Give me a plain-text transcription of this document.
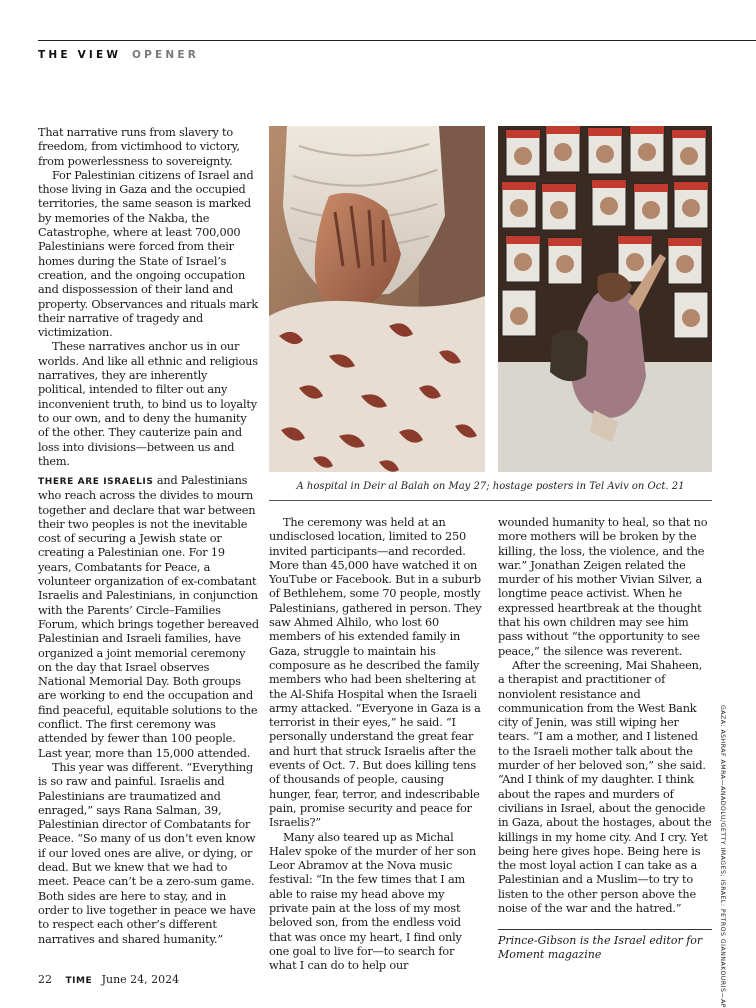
THE VIEW OPENER

That narrative runs from slavery to freedom, from victimhood to victory, from powerlessness to sovereignty.

For Palestinian citizens of Israel and those living in Gaza and the occupied territories, the same season is marked by memories of the Nakba, the Catastrophe, where at least 700,000 Palestinians were forced from their homes during the State of Israel’s creation, and the ongoing occupation and dispossession of their land and property. Observances and rituals mark their narrative of tragedy and victimization.

These narratives anchor us in our worlds. And like all ethnic and religious narratives, they are inherently political, intended to filter out any inconvenient truth, to bind us to loyalty to our own, and to deny the humanity of the other. They cauterize pain and loss into divisions—between us and them.

THERE ARE ISRAELIS and Palestinians who reach across the divides to mourn together and declare that war between their two peoples is not the inevitable cost of securing a Jewish state or creating a Palestinian one. For 19 years, Combatants for Peace, a volunteer organization of ex-combatant Israelis and Palestinians, in conjunction with the Parents’ Circle–Families Forum, which brings together bereaved Palestinian and Israeli families, have organized a joint memorial ceremony on the day that Israel observes National Memorial Day. Both groups are working to end the occupation and find peaceful, equitable solutions to the conflict. The first ceremony was attended by fewer than 100 people. Last year, more than 15,000 attended.

This year was different. “Everything is so raw and painful. Israelis and Palestinians are traumatized and enraged,” says Rana Salman, 39, Palestinian director of Combatants for Peace. “So many of us don’t even know if our loved ones are alive, or dying, or dead. But we knew that we had to meet. Peace can’t be a zero-sum game. Both sides are here to stay, and in order to live together in peace we have to respect each other’s different narratives and shared humanity.”

A hospital in Deir al Balah on May 27; hostage posters in Tel Aviv on Oct. 21

The ceremony was held at an undisclosed location, limited to 250 invited participants—and recorded. More than 45,000 have watched it on YouTube or Facebook. But in a suburb of Bethlehem, some 70 people, mostly Palestinians, gathered in person. They saw Ahmed Alhilo, who lost 60 members of his extended family in Gaza, struggle to maintain his composure as he described the family members who had been sheltering at the Al-Shifa Hospital when the Israeli army attacked. “Everyone in Gaza is a terrorist in their eyes,” he said. “I personally understand the great fear and hurt that struck Israelis after the events of Oct. 7. But does killing tens of thousands of people, causing hunger, fear, terror, and indescribable pain, promise security and peace for Israelis?”

Many also teared up as Michal Halev spoke of the murder of her son Leor Abramov at the Nova music festival: “In the few times that I am able to raise my head above my private pain at the loss of my most beloved son, from the endless void that was once my heart, I find only one goal to live for—to search for what I can do to help our

wounded humanity to heal, so that no more mothers will be broken by the killing, the loss, the violence, and the war.” Jonathan Zeigen related the murder of his mother Vivian Silver, a longtime peace activist. When he expressed heartbreak at the thought that his own children may see him pass without “the opportunity to see peace,” the silence was reverent.

After the screening, Mai Shaheen, a therapist and practitioner of nonviolent resistance and communication from the West Bank city of Jenin, was still wiping her tears. “I am a mother, and I listened to the Israeli mother talk about the murder of her beloved son,” she said. “And I think of my daughter. I think about the rapes and murders of civilians in Israel, about the genocide in Gaza, about the hostages, about the killings in my home city. And I cry. Yet being here gives hope. Being here is the most loyal action I can take as a Palestinian and a Muslim—to try to listen to the other person above the noise of the war and the hatred.”

Prince-Gibson is the Israel editor for Moment magazine	GAZA: ASHRAF AMRA—ANADOLU/GETTY IMAGES; ISRAEL: PETROS GIANNAKOURIS—AP
22 TIME June 24, 2024
